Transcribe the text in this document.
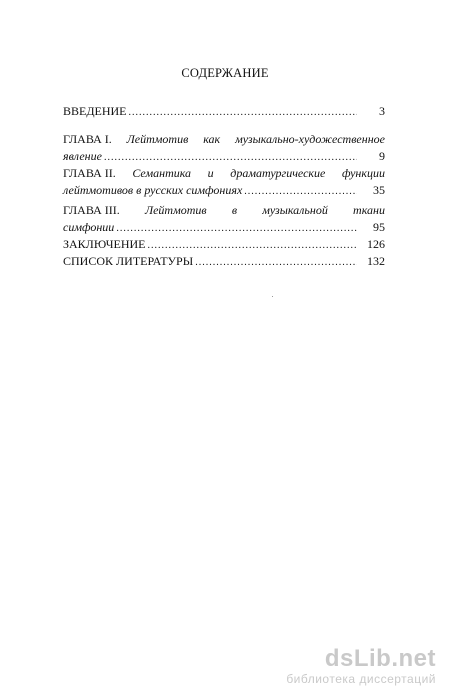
СОДЕРЖАНИЕ
ВВЕДЕНИЕ .....	3
ГЛАВА I. Лейтмотив как музыкально-художественное
явление .....	9
ГЛАВА II. Семантика и драматургические функции
лейтмотивов в русских симфониях .....	35
ГЛАВА III. Лейтмотив в музыкальной ткани
симфонии .....	95
ЗАКЛЮЧЕНИЕ .....	126
СПИСОК ЛИТЕРАТУРЫ .....	132
dsLib.net
библиотека диссертаций
